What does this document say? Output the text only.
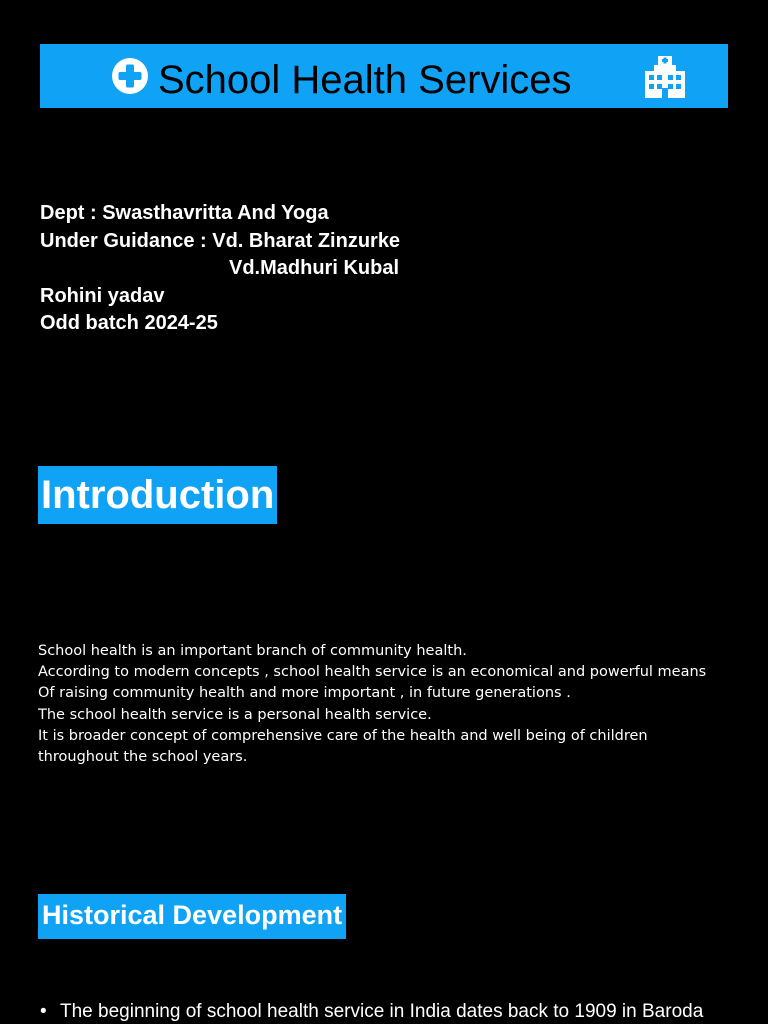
School Health Services
Dept : Swasthavritta And Yoga
Under Guidance : Vd. Bharat Zinzurke
Vd.Madhuri Kubal
Rohini yadav
Odd batch 2024-25
Introduction
School health is an important branch of community health.
According to modern concepts , school health service is an economical and powerful means
Of raising community health and more important , in future generations .
The school health service is a personal health service.
It is broader concept of comprehensive care of the health and well being of children
throughout the school years.
Historical Development
• The beginning of school health service in India dates back to 1909 in Baroda
